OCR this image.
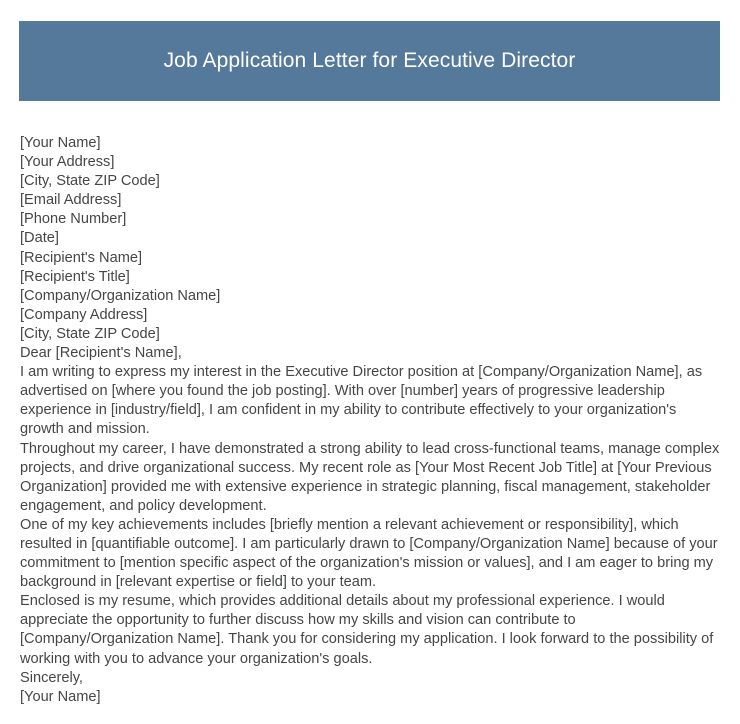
Job Application Letter for Executive Director

[Your Name]

[Your Address]

[City, State ZIP Code]

[Email Address]

[Phone Number]

[Date]

[Recipient's Name]

[Recipient's Title]

[Company/Organization Name]

[Company Address]

[City, State ZIP Code]

Dear [Recipient's Name],

I am writing to express my interest in the Executive Director position at [Company/Organization Name], as advertised on [where you found the job posting]. With over [number] years of progressive leadership experience in [industry/field], I am confident in my ability to contribute effectively to your organization's growth and mission.

Throughout my career, I have demonstrated a strong ability to lead cross-functional teams, manage complex projects, and drive organizational success. My recent role as [Your Most Recent Job Title] at [Your Previous Organization] provided me with extensive experience in strategic planning, fiscal management, stakeholder engagement, and policy development.

One of my key achievements includes [briefly mention a relevant achievement or responsibility], which resulted in [quantifiable outcome]. I am particularly drawn to [Company/Organization Name] because of your commitment to [mention specific aspect of the organization's mission or values], and I am eager to bring my background in [relevant expertise or field] to your team.

Enclosed is my resume, which provides additional details about my professional experience. I would appreciate the opportunity to further discuss how my skills and vision can contribute to [Company/Organization Name]. Thank you for considering my application. I look forward to the possibility of working with you to advance your organization's goals.

Sincerely,

[Your Name]
